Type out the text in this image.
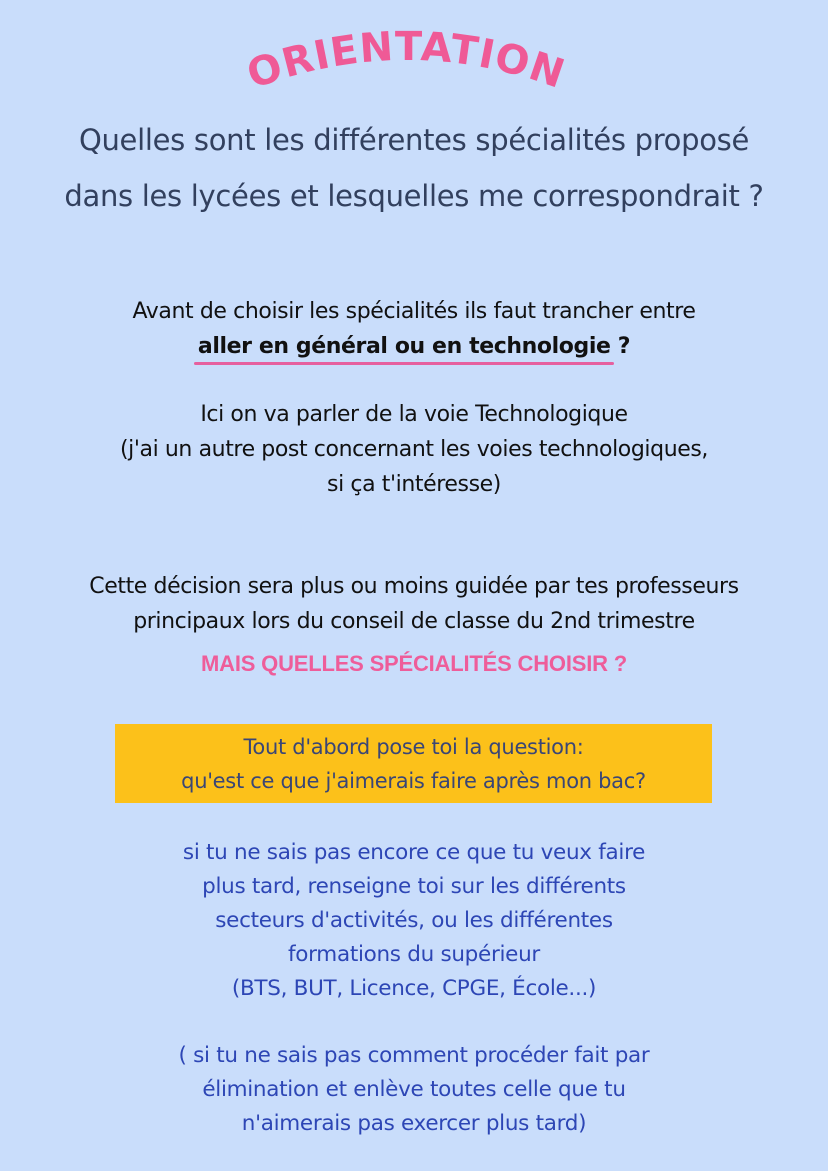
ORIENTATION
Quelles sont les différentes spécialités proposé
dans les lycées et lesquelles me correspondrait ?
Avant de choisir les spécialités ils faut trancher entre
aller en général ou en technologie ?
Ici on va parler de la voie Technologique
(j'ai un autre post concernant les voies technologiques,
si ça t'intéresse)
Cette décision sera plus ou moins guidée par tes professeurs
principaux lors du conseil de classe du 2nd trimestre
MAIS QUELLES SPÉCIALITÉS CHOISIR ?
Tout d'abord pose toi la question:
qu'est ce que j'aimerais faire après mon bac?
si tu ne sais pas encore ce que tu veux faire
plus tard, renseigne toi sur les différents
secteurs d'activités, ou les différentes
formations du supérieur
(BTS, BUT, Licence, CPGE, École...)
( si tu ne sais pas comment procéder fait par
élimination et enlève toutes celle que tu
n'aimerais pas exercer plus tard)
